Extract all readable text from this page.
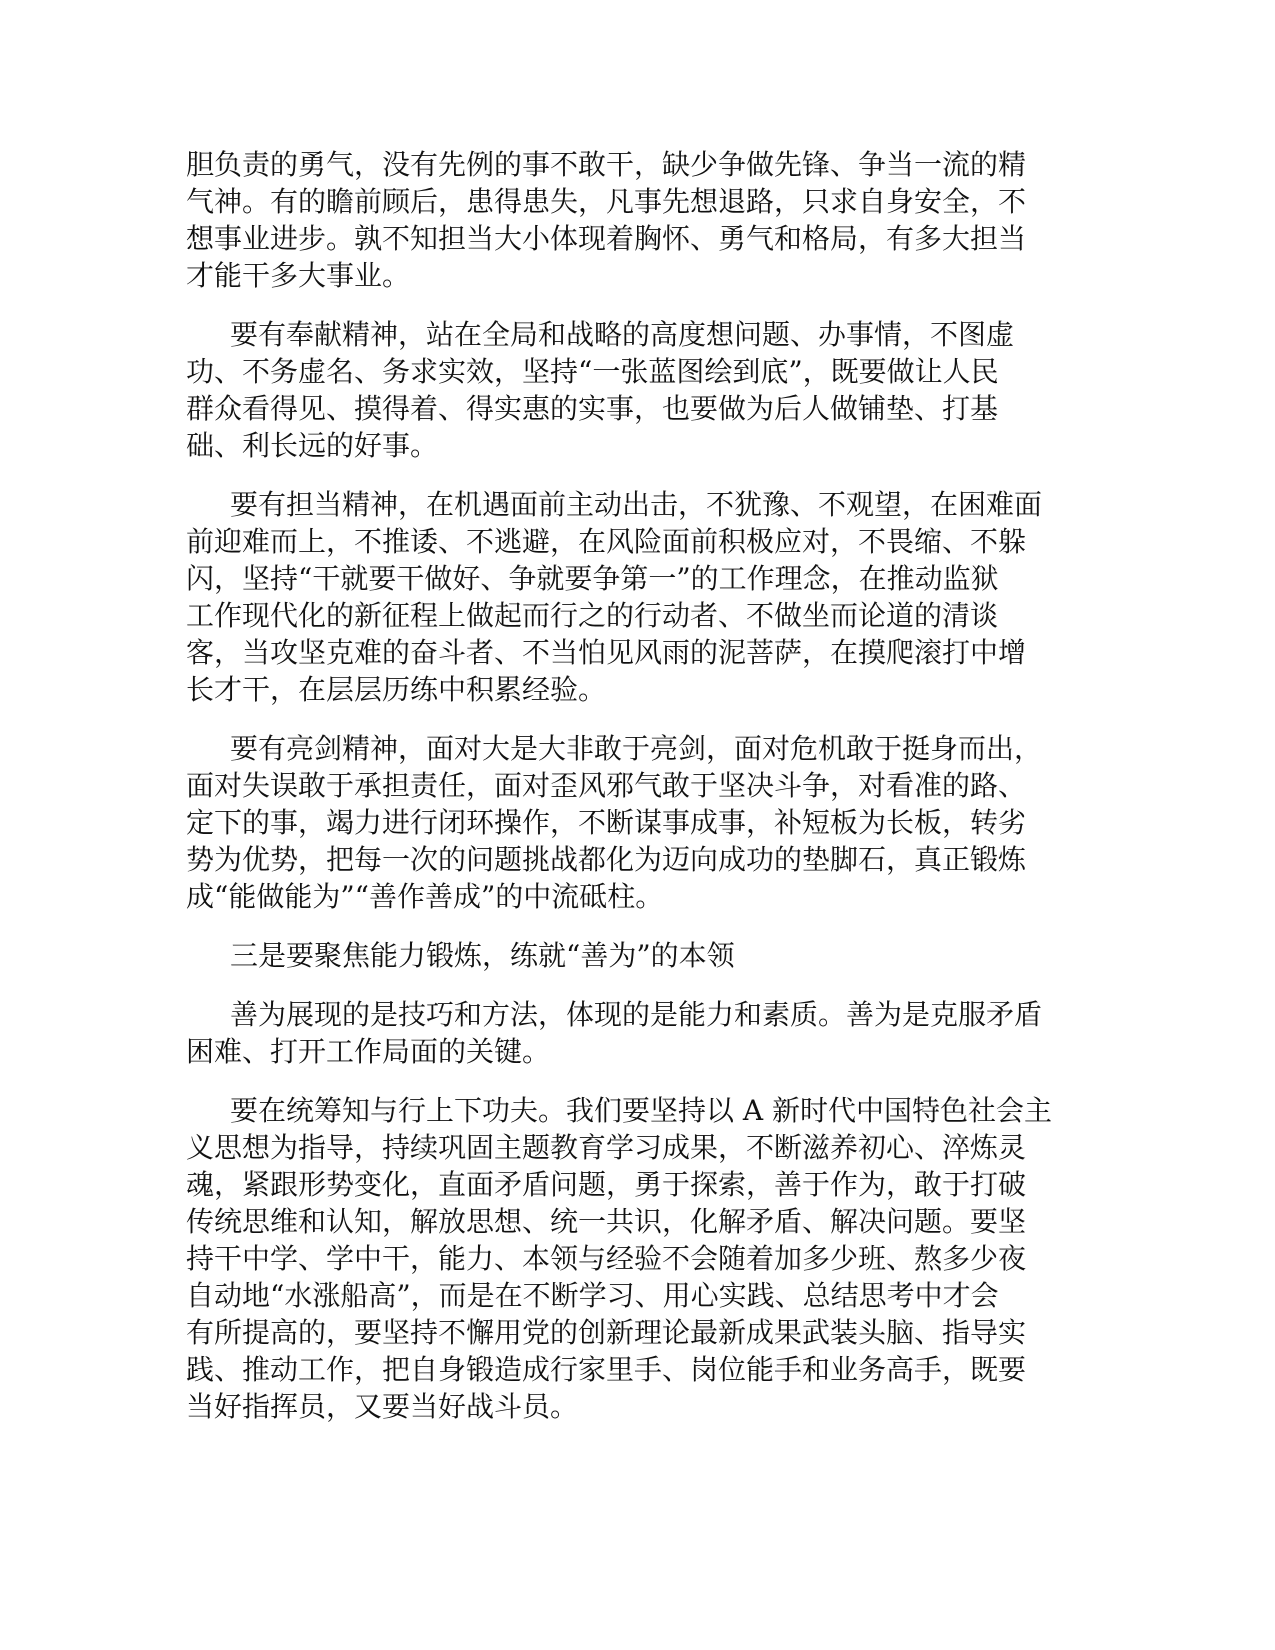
胆负责的勇气，没有先例的事不敢干，缺少争做先锋、争当一流的精
气神。有的瞻前顾后，患得患失，凡事先想退路，只求自身安全，不
想事业进步。孰不知担当大小体现着胸怀、勇气和格局，有多大担当
才能干多大事业。
要有奉献精神，站在全局和战略的高度想问题、办事情，不图虚
功、不务虚名、务求实效，坚持“一张蓝图绘到底”，既要做让人民
群众看得见、摸得着、得实惠的实事，也要做为后人做铺垫、打基
础、利长远的好事。
要有担当精神，在机遇面前主动出击，不犹豫、不观望，在困难面
前迎难而上，不推诿、不逃避，在风险面前积极应对，不畏缩、不躲
闪，坚持“干就要干做好、争就要争第一”的工作理念，在推动监狱
工作现代化的新征程上做起而行之的行动者、不做坐而论道的清谈
客，当攻坚克难的奋斗者、不当怕见风雨的泥菩萨，在摸爬滚打中增
长才干，在层层历练中积累经验。
要有亮剑精神，面对大是大非敢于亮剑，面对危机敢于挺身而出，
面对失误敢于承担责任，面对歪风邪气敢于坚决斗争，对看准的路、
定下的事，竭力进行闭环操作，不断谋事成事，补短板为长板，转劣
势为优势，把每一次的问题挑战都化为迈向成功的垫脚石，真正锻炼
成“能做能为”“善作善成”的中流砥柱。
三是要聚焦能力锻炼，练就“善为”的本领
善为展现的是技巧和方法，体现的是能力和素质。善为是克服矛盾
困难、打开工作局面的关键。
要在统筹知与行上下功夫。我们要坚持以 A 新时代中国特色社会主
义思想为指导，持续巩固主题教育学习成果，不断滋养初心、淬炼灵
魂，紧跟形势变化，直面矛盾问题，勇于探索，善于作为，敢于打破
传统思维和认知，解放思想、统一共识，化解矛盾、解决问题。要坚
持干中学、学中干，能力、本领与经验不会随着加多少班、熬多少夜
自动地“水涨船高”，而是在不断学习、用心实践、总结思考中才会
有所提高的，要坚持不懈用党的创新理论最新成果武装头脑、指导实
践、推动工作，把自身锻造成行家里手、岗位能手和业务高手，既要
当好指挥员，又要当好战斗员。
